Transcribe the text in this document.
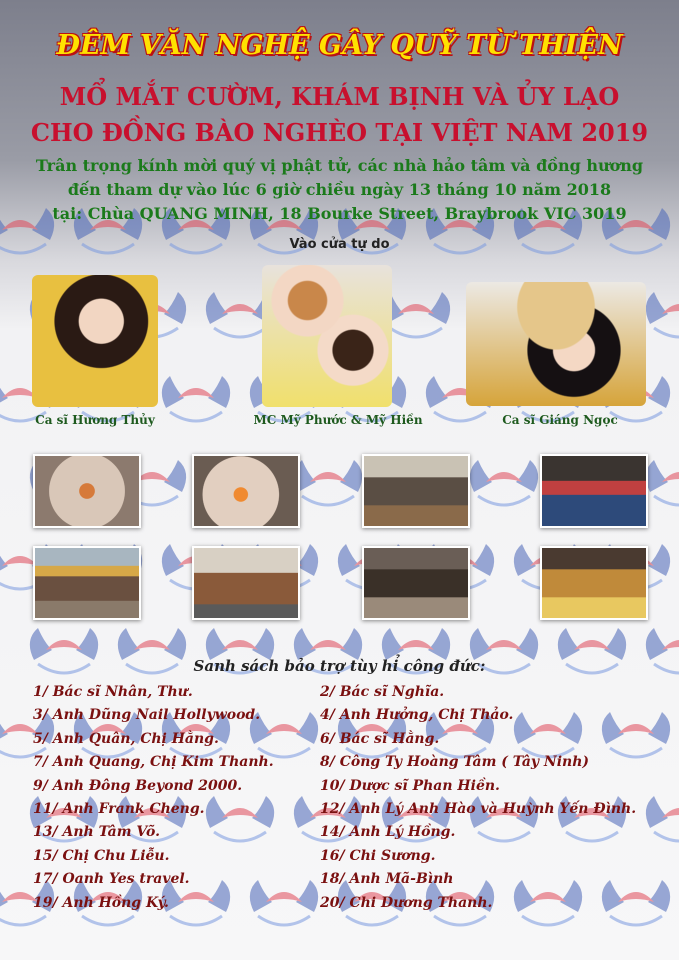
ĐÊM VĂN NGHỆ GÂY QUỸ TỪ THIỆN
MỔ MẮT CƯỜM, KHÁM BỊNH VÀ ỦY LẠO
CHO ĐỒNG BÀO NGHÈO TẠI VIỆT NAM 2019
Trân trọng kính mời quý vị phật tử, các nhà hảo tâm và đồng hương
đến tham dự vào lúc 6 giờ chiều ngày 13 tháng 10 năm 2018
tại: Chùa QUANG MINH, 18 Bourke Street, Braybrook VIC 3019
Vào cửa tự do
Ca sĩ Hương Thủy	MC Mỹ Phước & Mỹ Hiền	Ca sĩ Giáng Ngọc
Sanh sách bảo trợ tùy hỉ công đức:
1/ Bác sĩ Nhân, Thư.	2/ Bác sĩ Nghĩa.
3/ Anh Dũng Nail Hollywood.	4/ Anh Hưởng, Chị Thảo.
5/ Anh Quân, Chị Hằng.	6/ Bác sĩ Hằng.
7/ Anh Quang, Chị Kim Thanh.	8/ Công Ty Hoàng Tâm ( Tây Ninh)
9/ Anh Đông Beyond 2000.	10/ Dược sĩ Phan Hiền.
11/ Anh Frank Cheng.	12/ Anh Lý Anh Hào và Huỳnh Yến Đình.
13/ Anh Tâm Võ.	14/ Anh Lý Hồng.
15/ Chị Chu Liễu.	16/ Chi Sương.
17/ Oanh Yes travel.	18/ Anh Mã-Bình
19/ Anh Hồng Ký.	20/ Chi Dương Thanh.
